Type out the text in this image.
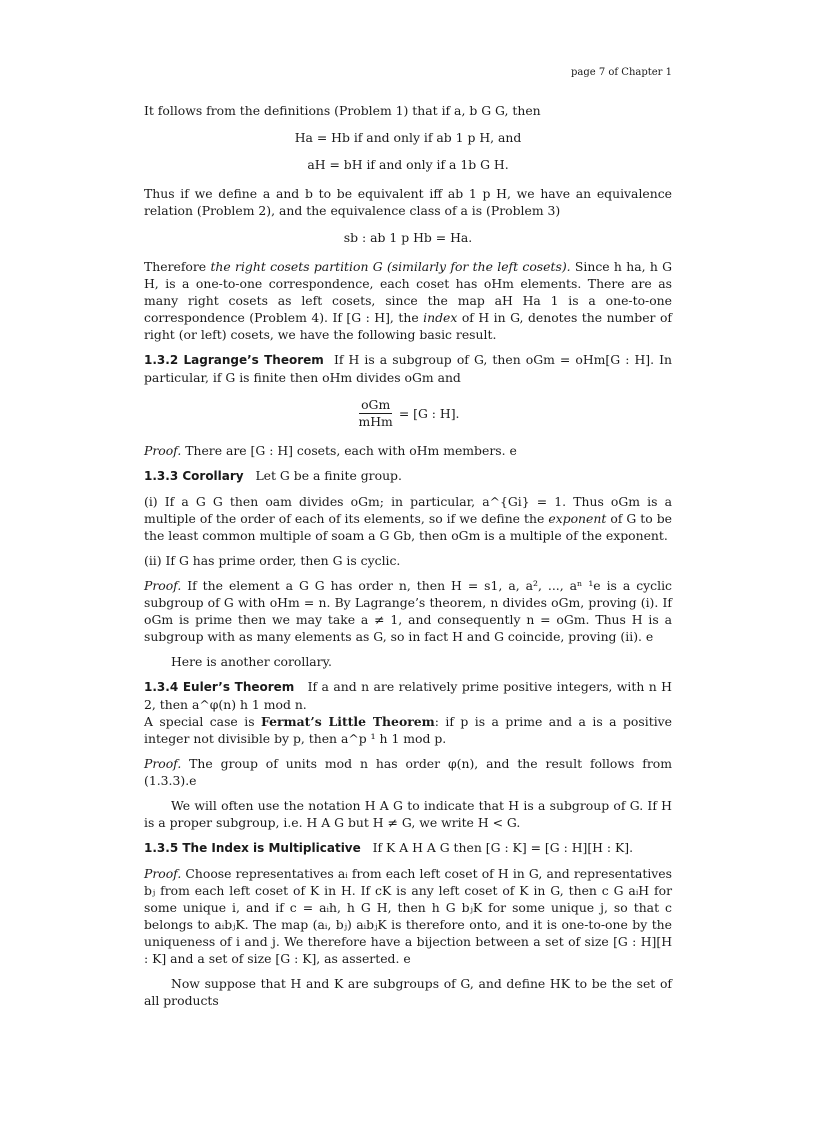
page 7 of Chapter 1

It follows from the definitions (Problem 1) that if a, b G G, then

Ha = Hb if and only if ab 1 p H, and
aH = bH if and only if a 1b G H.

Thus if we define a and b to be equivalent iff ab 1 p H, we have an equivalence relation (Problem 2), and the equivalence class of a is (Problem 3)

sb : ab 1 p Hb = Ha.

Therefore the right cosets partition G (similarly for the left cosets). Since h ha, h G H, is a one-to-one correspondence, each coset has oHm elements. There are as many right cosets as left cosets, since the map aH Ha 1 is a one-to-one correspondence (Problem 4). If [G : H], the index of H in G, denotes the number of right (or left) cosets, we have the following basic result.

1.3.2 Lagrange’s Theorem If H is a subgroup of G, then oGm = oHm[G : H]. In particular, if G is finite then oHm divides oGm and

$\frac{\text{oGm}}{\text{mHm}} = [G$ : H].

Proof. There are [G : H] cosets, each with oHm members. e

1.3.3 Corollary Let G be a finite group.

(i) If a G G then oam divides oGm; in particular, a^{Gi} = 1. Thus oGm is a multiple of the order of each of its elements, so if we define the exponent of G to be the least common multiple of soam a G Gb, then oGm is a multiple of the exponent.

(ii) If G has prime order, then G is cyclic.

Proof. If the element a G G has order n, then H = s1, a, a², ..., aⁿ ¹e is a cyclic subgroup of G with oHm = n. By Lagrange’s theorem, n divides oGm, proving (i). If oGm is prime then we may take a ≠ 1, and consequently n = oGm. Thus H is a subgroup with as many elements as G, so in fact H and G coincide, proving (ii). e

Here is another corollary.

1.3.4 Euler’s Theorem If a and n are relatively prime positive integers, with n H 2, then a^φ(n) h 1 mod n.

A special case is Fermat’s Little Theorem: if p is a prime and a is a positive integer not divisible by p, then a^p ¹ h 1 mod p.

Proof. The group of units mod n has order φ(n), and the result follows from (1.3.3).e

We will often use the notation H A G to indicate that H is a subgroup of G. If H is a proper subgroup, i.e. H A G but H ≠ G, we write H < G.

1.3.5 The Index is Multiplicative If K A H A G then [G : K] = [G : H][H : K].

Proof. Choose representatives aᵢ from each left coset of H in G, and representatives bⱼ from each left coset of K in H. If cK is any left coset of K in G, then c G aᵢH for some unique i, and if c = aᵢh, h G H, then h G bⱼK for some unique j, so that c belongs to aᵢbⱼK. The map (aᵢ, bⱼ) aᵢbⱼK is therefore onto, and it is one-to-one by the uniqueness of i and j. We therefore have a bijection between a set of size [G : H][H : K] and a set of size [G : K], as asserted. e

Now suppose that H and K are subgroups of G, and define HK to be the set of all products
